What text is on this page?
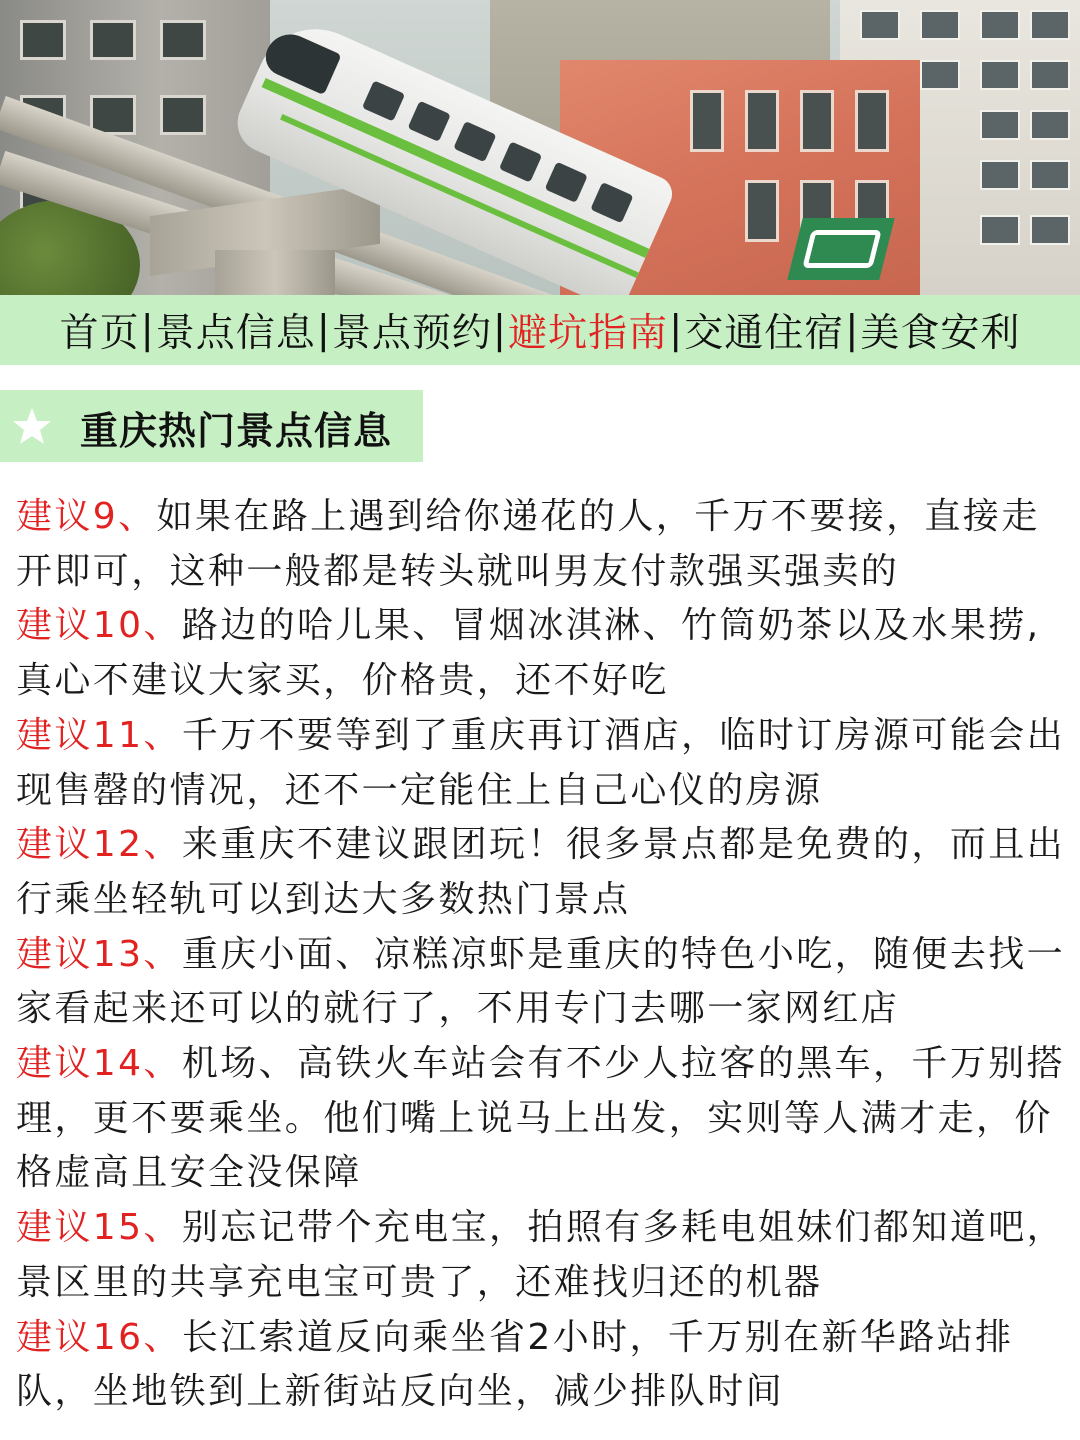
首页 | 景点信息 | 景点预约 | 避坑指南 | 交通住宿 | 美食安利
重庆热门景点信息

建议9、如果在路上遇到给你递花的人，千万不要接，直接走开即可，这种一般都是转头就叫男友付款强买强卖的

建议10、路边的哈儿果、冒烟冰淇淋、竹筒奶茶以及水果捞,真心不建议大家买，价格贵，还不好吃

建议11、千万不要等到了重庆再订酒店，临时订房源可能会出现售罄的情况，还不一定能住上自己心仪的房源

建议12、来重庆不建议跟团玩！很多景点都是免费的，而且出行乘坐轻轨可以到达大多数热门景点

建议13、重庆小面、凉糕凉虾是重庆的特色小吃，随便去找一家看起来还可以的就行了，不用专门去哪一家网红店

建议14、机场、高铁火车站会有不少人拉客的黑车，千万别搭理，更不要乘坐。他们嘴上说马上出发，实则等人满才走，价格虚高且安全没保障

建议15、别忘记带个充电宝，拍照有多耗电姐妹们都知道吧，景区里的共享充电宝可贵了，还难找归还的机器

建议16、长江索道反向乘坐省2小时，千万别在新华路站排队，坐地铁到上新街站反向坐，减少排队时间
